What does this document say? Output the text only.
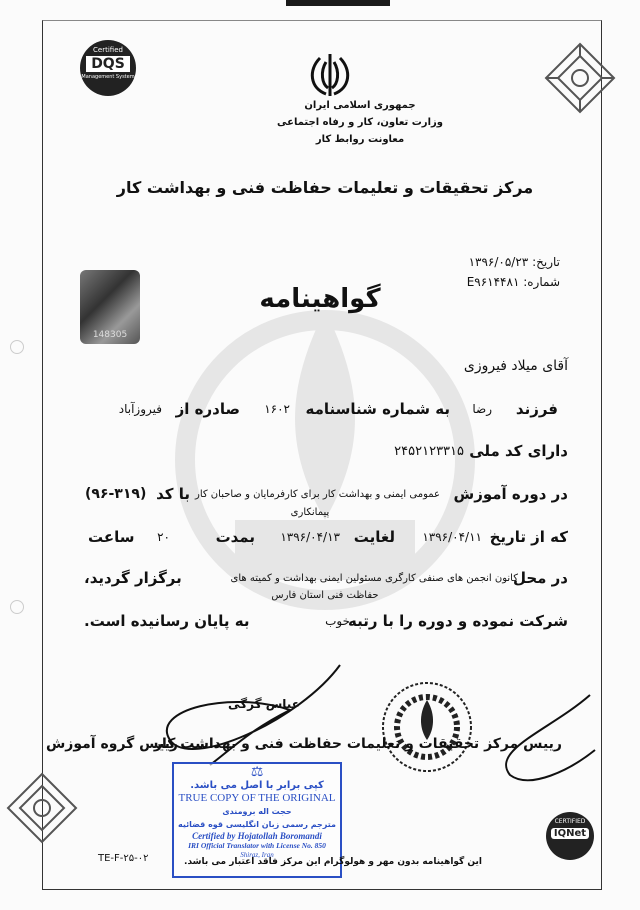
Certified
DQS
Management System
جمهوری اسلامی ایران
وزارت تعاون، کار و رفاه اجتماعی
معاونت روابط کار
مرکز تحقیقات و تعلیمات حفاظت فنی و بهداشت کار
تاریخ: ۱۳۹۶/۰۵/۲۳
شماره: E۹۶۱۴۴۸۱
148305
گواهینامه
آقای میلاد فیروزی
فرزند
رضا
به شماره شناسنامه
۱۶۰۲
صادره از
فیروزآباد
دارای کد ملی
۲۴۵۲۱۲۳۳۱۵
در دوره آموزش
عمومی ایمنی و بهداشت کار برای کارفرمایان و صاحبان کار
پیمانکاری
با کد
(۹۶-۳۱۹)
که از تاریخ
۱۳۹۶/۰۴/۱۱
لغایت
۱۳۹۶/۰۴/۱۳
بمدت
۲۰
ساعت
در محل
کانون انجمن های صنفی کارگری مسئولین ایمنی بهداشت و کمیته های
حفاظت فنی استان فارس
برگزار گردید،
شرکت نموده و دوره را با رتبه
خوب
به پایان رسانیده است.
عباس گرگی
رییس گروه آموزش
رییس مرکز تحقیقات و تعلیمات حفاظت فنی و بهداشت کار
⚖
کپی برابر با اصل می باشد.
TRUE COPY OF THE ORIGINAL
حجت اله برومندی
مترجم رسمی زبان انگلیسی قوه قضائیه
Certified by Hojatollah Boromandi
IRI Official Translator with License No. 850
Shiraz, Iran
CERTIFIED
IQNet
TE-F-۲۵-۰۲	این گواهینامه بدون مهر و هولوگرام این مرکز فاقد اعتبار می باشد.
